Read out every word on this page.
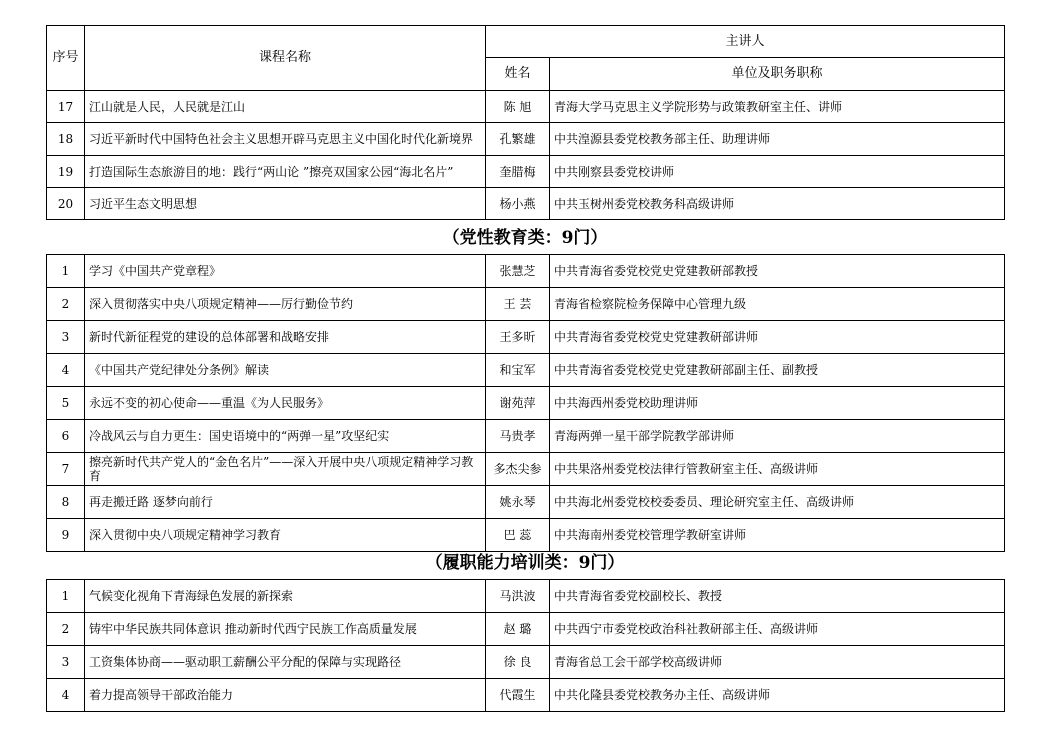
序号	课程名称	主讲人	
		姓名	单位及职务职称
17	江山就是人民，人民就是江山	陈 旭	青海大学马克思主义学院形势与政策教研室主任、讲师
18	习近平新时代中国特色社会主义思想开辟马克思主义中国化时代化新境界	孔繁雄	中共湟源县委党校教务部主任、助理讲师
19	打造国际生态旅游目的地：践行“两山论 ”擦亮双国家公园“海北名片”	奎腊梅	中共刚察县委党校讲师
20	习近平生态文明思想	杨小燕	中共玉树州委党校教务科高级讲师
（党性教育类：9门）
1	学习《中国共产党章程》	张慧芝	中共青海省委党校党史党建教研部教授
2	深入贯彻落实中央八项规定精神——厉行勤俭节约	王 芸	青海省检察院检务保障中心管理九级
3	新时代新征程党的建设的总体部署和战略安排	王多昕	中共青海省委党校党史党建教研部讲师
4	《中国共产党纪律处分条例》解读	和宝军	中共青海省委党校党史党建教研部副主任、副教授
5	永远不变的初心使命——重温《为人民服务》	谢苑萍	中共海西州委党校助理讲师
6	冷战风云与自力更生：国史语境中的“两弹一星”攻坚纪实	马贵孝	青海两弹一星干部学院教学部讲师
7	擦亮新时代共产党人的“金色名片”——深入开展中央八项规定精神学习教育	多杰尖参	中共果洛州委党校法律行管教研室主任、高级讲师
8	再走搬迁路 逐梦向前行	姚永琴	中共海北州委党校校委委员、理论研究室主任、高级讲师
9	深入贯彻中央八项规定精神学习教育	巴 蕊	中共海南州委党校管理学教研室讲师
（履职能力培训类：9门）
1	气候变化视角下青海绿色发展的新探索	马洪波	中共青海省委党校副校长、教授
2	铸牢中华民族共同体意识 推动新时代西宁民族工作高质量发展	赵 璐	中共西宁市委党校政治科社教研部主任、高级讲师
3	工资集体协商——驱动职工薪酬公平分配的保障与实现路径	徐 良	青海省总工会干部学校高级讲师
4	着力提高领导干部政治能力	代霞生	中共化隆县委党校教务办主任、高级讲师
